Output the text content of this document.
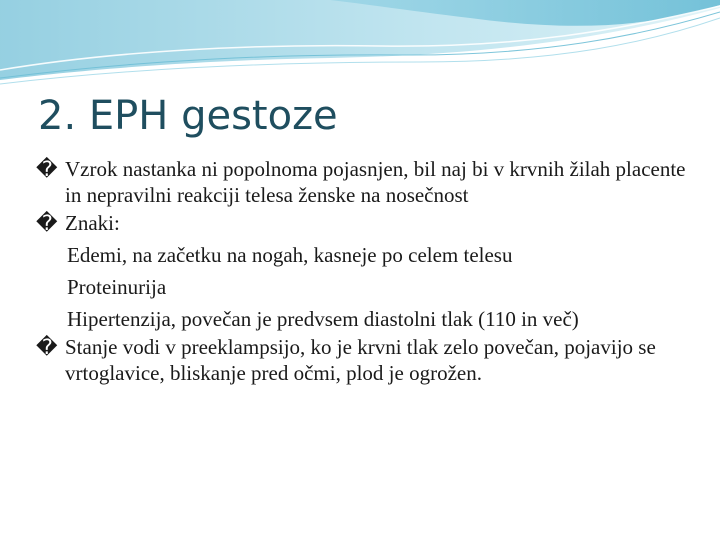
2. EPH gestoze
� Vzrok nastanka ni popolnoma pojasnjen, bil naj bi v krvnih žilah placente in nepravilni reakciji telesa ženske na nosečnost
� Znaki:
Edemi, na začetku na nogah, kasneje po celem telesu
Proteinurija
Hipertenzija, povečan je predvsem diastolni tlak (110 in več)
� Stanje vodi v preeklampsijo, ko je krvni tlak zelo povečan, pojavijo se vrtoglavice, bliskanje pred očmi, plod je ogrožen.
